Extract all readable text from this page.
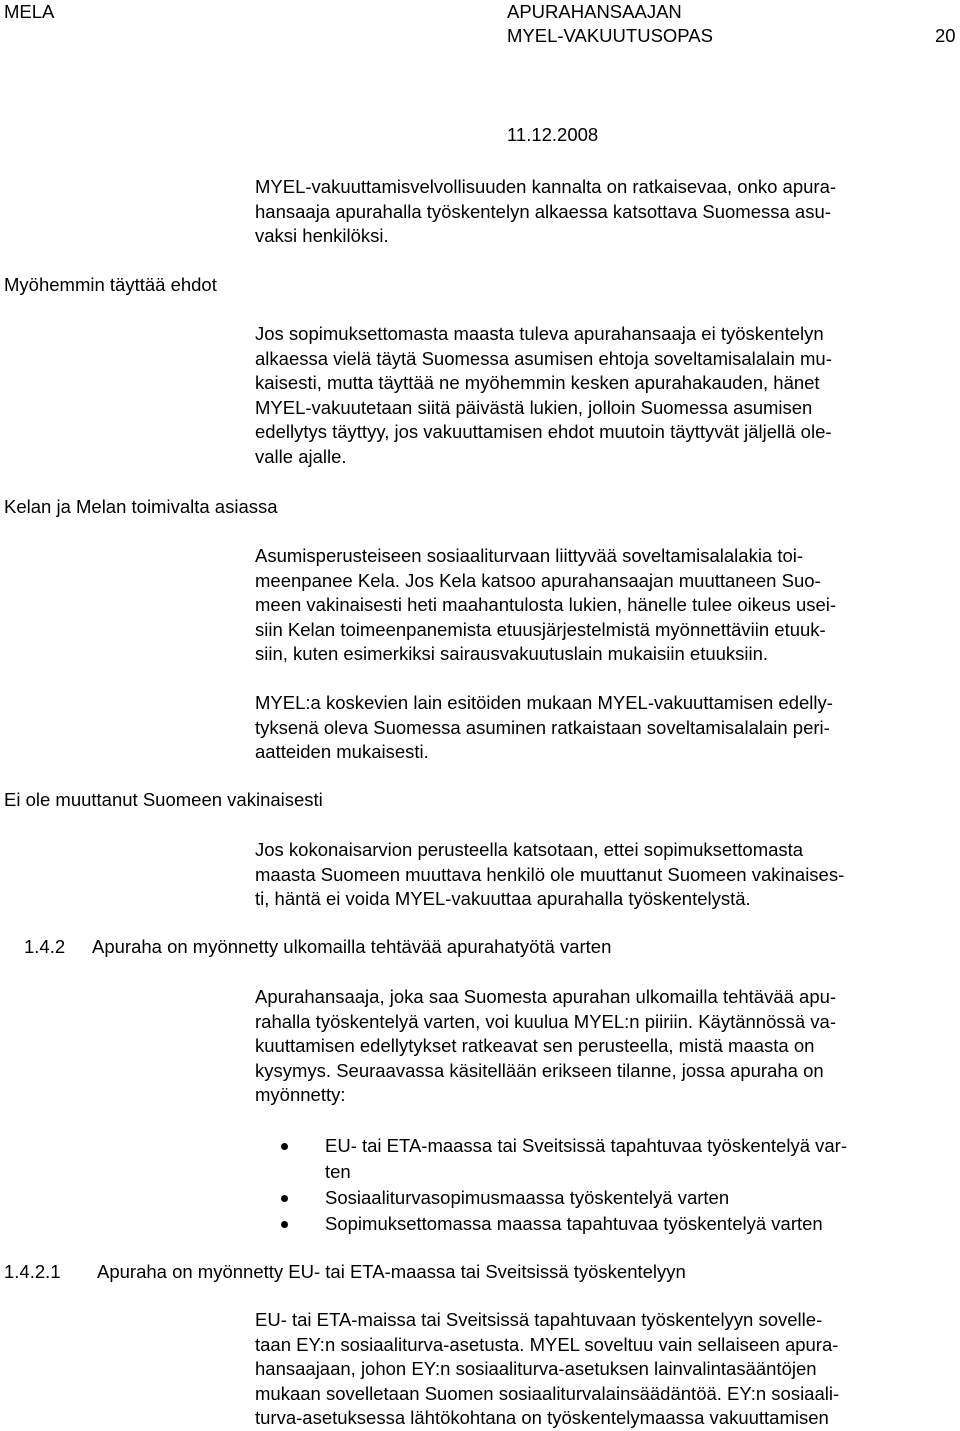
MELA	APURAHANSAAJAN
MYEL-VAKUUTUSOPAS	20
11.12.2008
MYEL-vakuuttamisvelvollisuuden kannalta on ratkaisevaa, onko apura-
hansaaja apurahalla työskentelyn alkaessa katsottava Suomessa asu-
vaksi henkilöksi.
Myöhemmin täyttää ehdot
Jos sopimuksettomasta maasta tuleva apurahansaaja ei työskentelyn
alkaessa vielä täytä Suomessa asumisen ehtoja soveltamisalalain mu-
kaisesti, mutta täyttää ne myöhemmin kesken apurahakauden, hänet
MYEL-vakuutetaan siitä päivästä lukien, jolloin Suomessa asumisen
edellytys täyttyy, jos vakuuttamisen ehdot muutoin täyttyvät jäljellä ole-
valle ajalle.
Kelan ja Melan toimivalta asiassa
Asumisperusteiseen sosiaaliturvaan liittyvää soveltamisalalakia toi-
meenpanee Kela. Jos Kela katsoo apurahansaajan muuttaneen Suo-
meen vakinaisesti heti maahantulosta lukien, hänelle tulee oikeus usei-
siin Kelan toimeenpanemista etuusjärjestelmistä myönnettäviin etuuk-
siin, kuten esimerkiksi sairausvakuutuslain mukaisiin etuuksiin.
MYEL:a koskevien lain esitöiden mukaan MYEL-vakuuttamisen edelly-
tyksenä oleva Suomessa asuminen ratkaistaan soveltamisalalain peri-
aatteiden mukaisesti.
Ei ole muuttanut Suomeen vakinaisesti
Jos kokonaisarvion perusteella katsotaan, ettei sopimuksettomasta
maasta Suomeen muuttava henkilö ole muuttanut Suomeen vakinaises-
ti, häntä ei voida MYEL-vakuuttaa apurahalla työskentelystä.
1.4.2 Apuraha on myönnetty ulkomailla tehtävää apurahatyötä varten
Apurahansaaja, joka saa Suomesta apurahan ulkomailla tehtävää apu-
rahalla työskentelyä varten, voi kuulua MYEL:n piiriin. Käytännössä va-
kuuttamisen edellytykset ratkeavat sen perusteella, mistä maasta on
kysymys. Seuraavassa käsitellään erikseen tilanne, jossa apuraha on
myönnetty:
EU- tai ETA-maassa tai Sveitsissä tapahtuvaa työskentelyä var-
ten
Sosiaaliturvasopimusmaassa työskentelyä varten
Sopimuksettomassa maassa tapahtuvaa työskentelyä varten
1.4.2.1 Apuraha on myönnetty EU- tai ETA-maassa tai Sveitsissä työskentelyyn
EU- tai ETA-maissa tai Sveitsissä tapahtuvaan työskentelyyn sovelle-
taan EY:n sosiaaliturva-asetusta. MYEL soveltuu vain sellaiseen apura-
hansaajaan, johon EY:n sosiaaliturva-asetuksen lainvalintasääntöjen
mukaan sovelletaan Suomen sosiaaliturvalainsäädäntöä. EY:n sosiaali-
turva-asetuksessa lähtökohtana on työskentelymaassa vakuuttamisen
